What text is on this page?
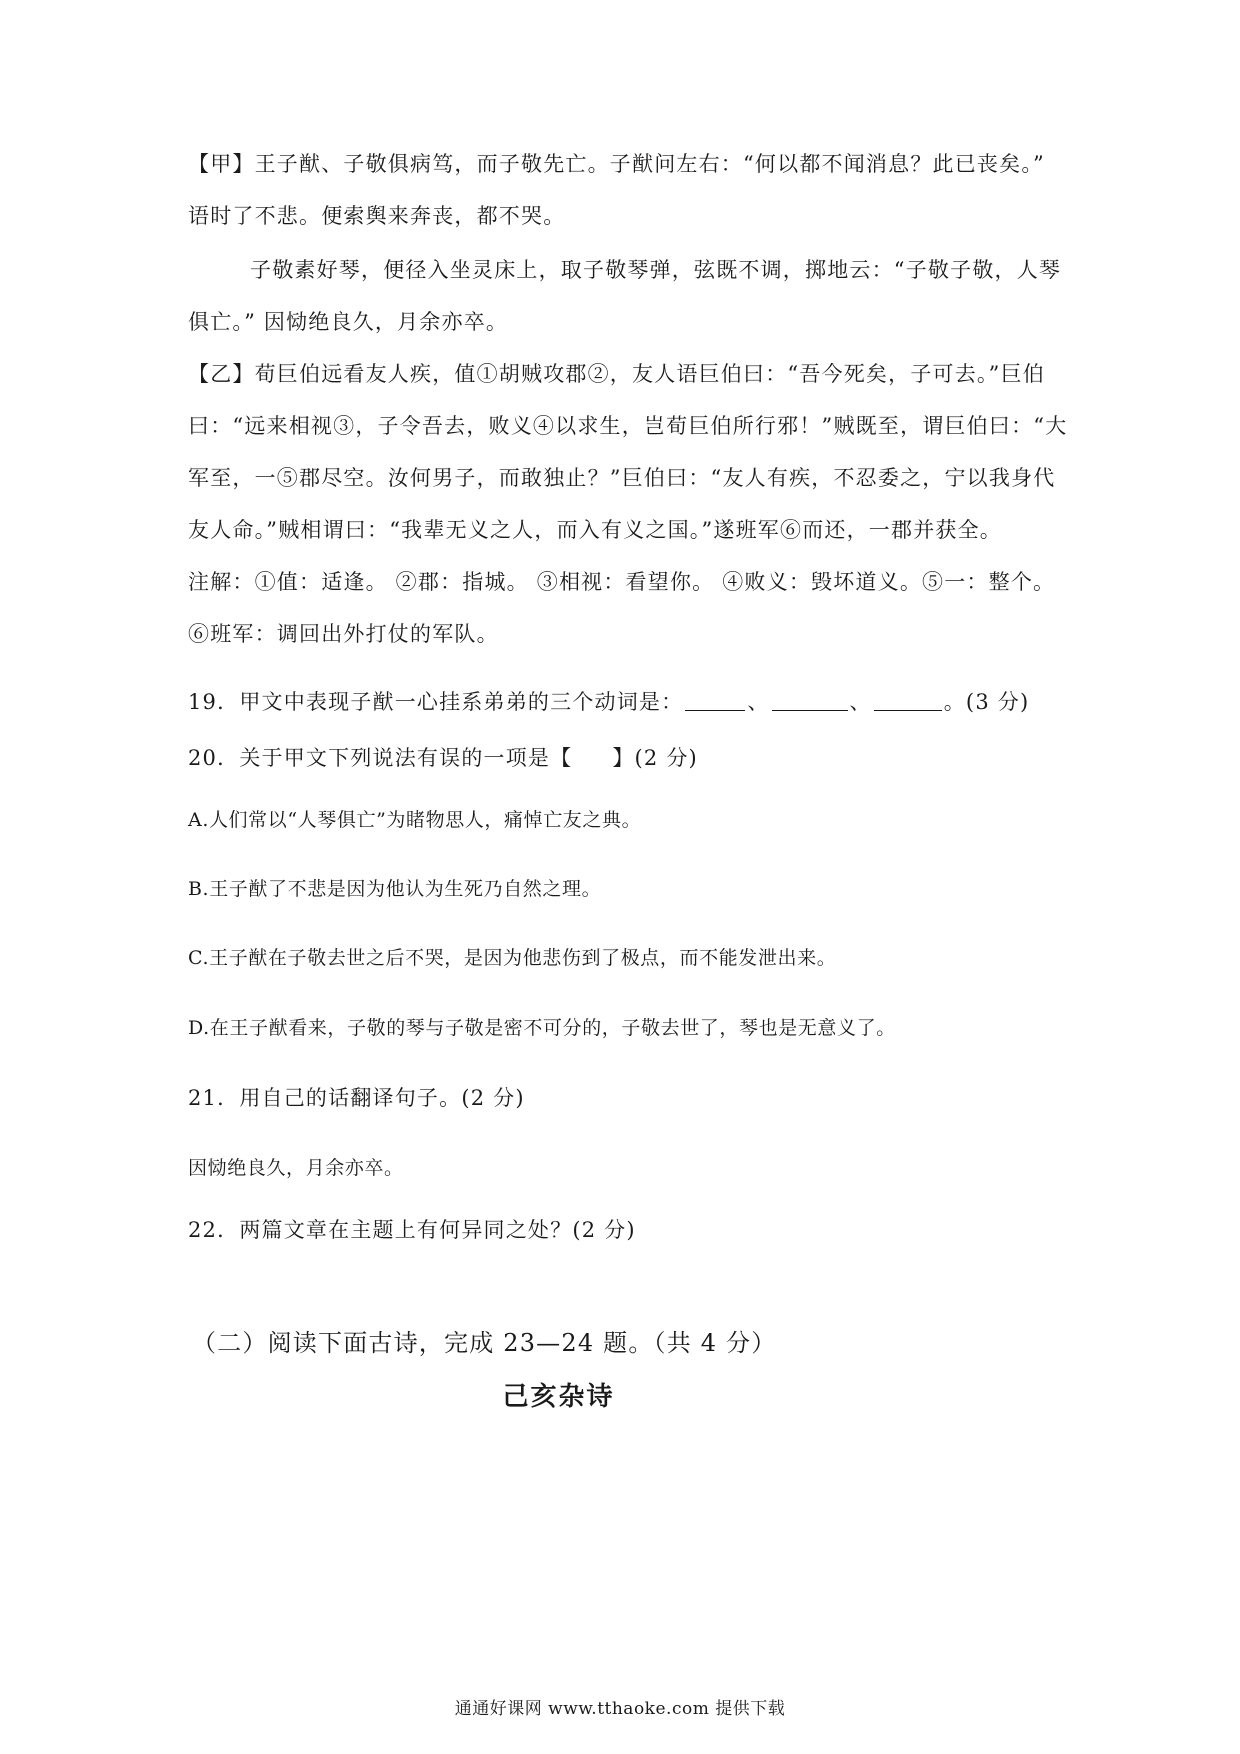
【甲】王子猷、子敬俱病笃，而子敬先亡。子猷问左右：“何以都不闻消息？此已丧矣。”
语时了不悲。便索舆来奔丧，都不哭。
子敬素好琴，便径入坐灵床上，取子敬琴弹，弦既不调，掷地云：“子敬子敬，人琴
俱亡。” 因恸绝良久，月余亦卒。
【乙】荀巨伯远看友人疾，值①胡贼攻郡②，友人语巨伯曰：“吾今死矣，子可去。”巨伯
曰：“远来相视③，子令吾去，败义④以求生，岂荀巨伯所行邪！”贼既至，谓巨伯曰：“大
军至，一⑤郡尽空。汝何男子，而敢独止？”巨伯曰：“友人有疾，不忍委之，宁以我身代
友人命。”贼相谓曰：“我辈无义之人，而入有义之国。”遂班军⑥而还，一郡并获全。
注解：①值：适逢。 ②郡：指城。 ③相视：看望你。 ④败义：毁坏道义。⑤一：整个。
⑥班军：调回出外打仗的军队。
19．甲文中表现子猷一心挂系弟弟的三个动词是：	、	、	。(3 分)
20．关于甲文下列说法有误的一项是【 】(2 分)
A.人们常以“人琴俱亡”为睹物思人，痛悼亡友之典。
B.王子猷了不悲是因为他认为生死乃自然之理。
C.王子猷在子敬去世之后不哭，是因为他悲伤到了极点，而不能发泄出来。
D.在王子猷看来，子敬的琴与子敬是密不可分的，子敬去世了，琴也是无意义了。
21．用自己的话翻译句子。(2 分)
因恸绝良久，月余亦卒。
22．两篇文章在主题上有何异同之处？(2 分)
（二）阅读下面古诗，完成 23—24 题。（共 4 分）
己亥杂诗
通通好课网 www.tthaoke.com 提供下载
